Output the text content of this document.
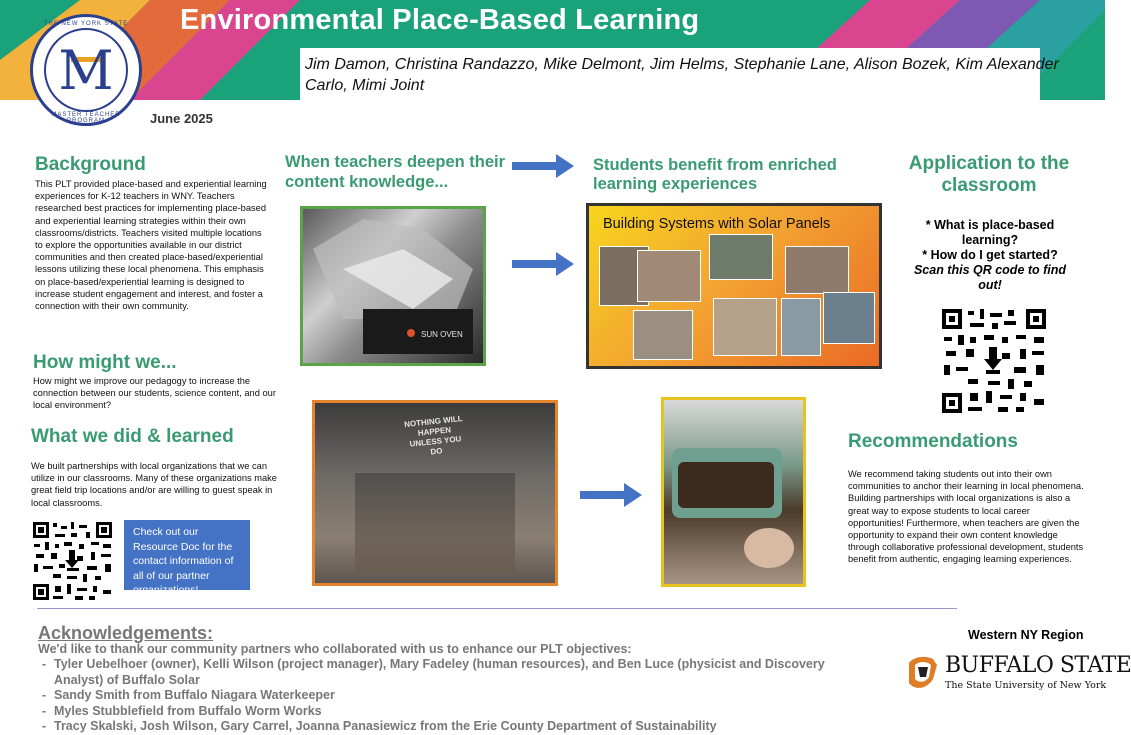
Environmental Place-Based Learning
Jim Damon, Christina Randazzo, Mike Delmont, Jim Helms, Stephanie Lane, Alison Bozek, Kim Alexander Carlo, Mimi Joint
THE NEW YORK STATE
M
MASTER TEACHER PROGRAM	June 2025
Background
This PLT provided place-based and experiential learning experiences for K-12 teachers in WNY. Teachers researched best practices for implementing place-based and experiential learning strategies within their own classrooms/districts. Teachers visited multiple locations to explore the opportunities available in our district communities and then created place-based/experiential lessons utilizing these local phenomena. This emphasis on place-based/experiential learning is designed to increase student engagement and interest, and foster a connection with their own community.
How might we...
How might we improve our pedagogy to increase the connection between our students, science content, and our local environment?
What we did & learned
We built partnerships with local organizations that we can utilize in our classrooms. Many of these organizations make great field trip locations and/or are willing to guest speak in local classrooms.
Check out our Resource Doc for the contact information of all of our partner organizations!
When teachers deepen their content knowledge...
Students benefit from enriched learning experiences
SUN OVEN
Building Systems with Solar Panels
NOTHING WILL HAPPEN UNLESS YOU DO
Application to the classroom
* What is place-based learning?
* How do I get started?
Scan this QR code to find out!
Recommendations
We recommend taking students out into their own communities to anchor their learning in local phenomena. Building partnerships with local organizations is also a great way to expose students to local career opportunities! Furthermore, when teachers are given the opportunity to expand their own content knowledge through collaborative professional development, students benefit from authentic, engaging learning experiences.
Acknowledgements:
We'd like to thank our community partners who collaborated with us to enhance our PLT objectives:
- Tyler Uebelhoer (owner), Kelli Wilson (project manager), Mary Fadeley (human resources), and Ben Luce (physicist and Discovery Analyst) of Buffalo Solar
- Sandy Smith from Buffalo Niagara Waterkeeper
- Myles Stubblefield from Buffalo Worm Works
- Tracy Skalski, Josh Wilson, Gary Carrel, Joanna Panasiewicz from the Erie County Department of Sustainability
Western NY Region
BUFFALO STATE
The State University of New York
